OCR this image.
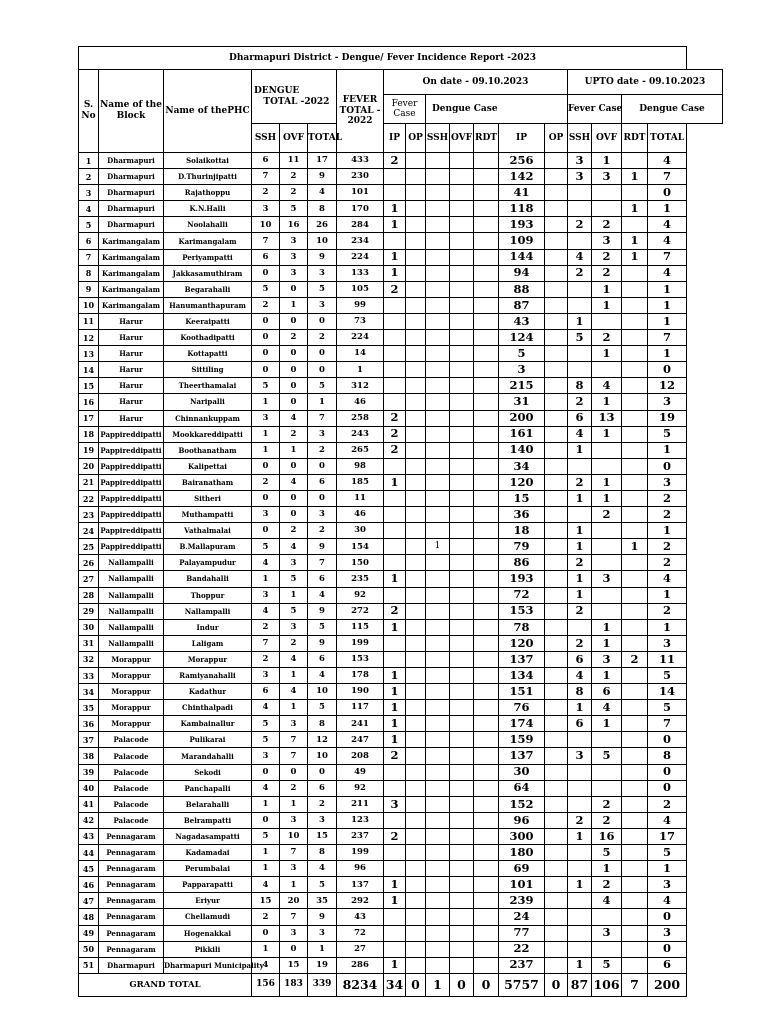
Dharmapuri District - Dengue/ Fever Incidence Report -2023																	
S.
No	Name of the
Block	Name of thePHC	DENGUE
TOTAL -2022			FEVER
TOTAL -
2022	On date - 09.10.2023							UPTO date - 09.10.2023			
							Fever
Case		Dengue Case					Fever Case		Dengue Case	
			SSH	OVF	TOTAL		IP	OP	SSH	OVF	RDT	IP	OP	SSH	OVF	RDT	TOTAL
1	Dharmapuri	Solaikottai	6	11	17	433	2					256		3	1		4
2	Dharmapuri	D.Thurinjipatti	7	2	9	230						142		3	3	1	7
3	Dharmapuri	Rajathoppu	2	2	4	101						41					0
4	Dharmapuri	K.N.Halli	3	5	8	170	1					118				1	1
5	Dharmapuri	Noolahalli	10	16	26	284	1					193		2	2		4
6	Karimangalam	Karimangalam	7	3	10	234						109			3	1	4
7	Karimangalam	Periyampatti	6	3	9	224	1					144		4	2	1	7
8	Karimangalam	Jakkasamuthiram	0	3	3	133	1					94		2	2		4
9	Karimangalam	Begarahalli	5	0	5	105	2					88			1		1
10	Karimangalam	Hanumanthapuram	2	1	3	99						87			1		1
11	Harur	Keeraipatti	0	0	0	73						43		1			1
12	Harur	Koothadipatti	0	2	2	224						124		5	2		7
13	Harur	Kottapatti	0	0	0	14						5			1		1
14	Harur	Sittiling	0	0	0	1						3					0
15	Harur	Theerthamalai	5	0	5	312						215		8	4		12
16	Harur	Naripalli	1	0	1	46						31		2	1		3
17	Harur	Chinnankuppam	3	4	7	258	2					200		6	13		19
18	Pappireddipatti	Mookkareddipatti	1	2	3	243	2					161		4	1		5
19	Pappireddipatti	Boothanatham	1	1	2	265	2					140		1			1
20	Pappireddipatti	Kalipettai	0	0	0	98						34					0
21	Pappireddipatti	Bairanatham	2	4	6	185	1					120		2	1		3
22	Pappireddipatti	Sitheri	0	0	0	11						15		1	1		2
23	Pappireddipatti	Muthampatti	3	0	3	46						36			2		2
24	Pappireddipatti	Vathalmalai	0	2	2	30						18		1			1
25	Pappireddipatti	B.Mallapuram	5	4	9	154			1			79		1		1	2
26	Nallampalli	Palayampudur	4	3	7	150						86		2			2
27	Nallampalli	Bandahalli	1	5	6	235	1					193		1	3		4
28	Nallampalli	Thoppur	3	1	4	92						72		1			1
29	Nallampalli	Nallampalli	4	5	9	272	2					153		2			2
30	Nallampalli	Indur	2	3	5	115	1					78			1		1
31	Nallampalli	Laligam	7	2	9	199						120		2	1		3
32	Morappur	Morappur	2	4	6	153						137		6	3	2	11
33	Morappur	Ramiyanahalli	3	1	4	178	1					134		4	1		5
34	Morappur	Kadathur	6	4	10	190	1					151		8	6		14
35	Morappur	Chinthalpadi	4	1	5	117	1					76		1	4		5
36	Morappur	Kambainallur	5	3	8	241	1					174		6	1		7
37	Palacode	Pulikarai	5	7	12	247	1					159					0
38	Palacode	Marandahalli	3	7	10	208	2					137		3	5		8
39	Palacode	Sekodi	0	0	0	49						30					0
40	Palacode	Panchapalli	4	2	6	92						64					0
41	Palacode	Belarahalli	1	1	2	211	3					152			2		2
42	Palacode	Belrampatti	0	3	3	123						96		2	2		4
43	Pennagaram	Nagadasampatti	5	10	15	237	2					300		1	16		17
44	Pennagaram	Kadamadai	1	7	8	199						180			5		5
45	Pennagaram	Perumbalai	1	3	4	96						69			1		1
46	Pennagaram	Papparapatti	4	1	5	137	1					101		1	2		3
47	Pennagaram	Eriyur	15	20	35	292	1					239			4		4
48	Pennagaram	Chellamudi	2	7	9	43						24					0
49	Pennagaram	Hogenakkal	0	3	3	72						77			3		3
50	Pennagaram	Pikkili	1	0	1	27						22					0
51	Dharmapuri	Dharmapuri Municipality	4	15	19	286	1					237		1	5		6
GRAND TOTAL			156	183	339	8234	34	0	1	0	0	5757	0	87	106	7	200
